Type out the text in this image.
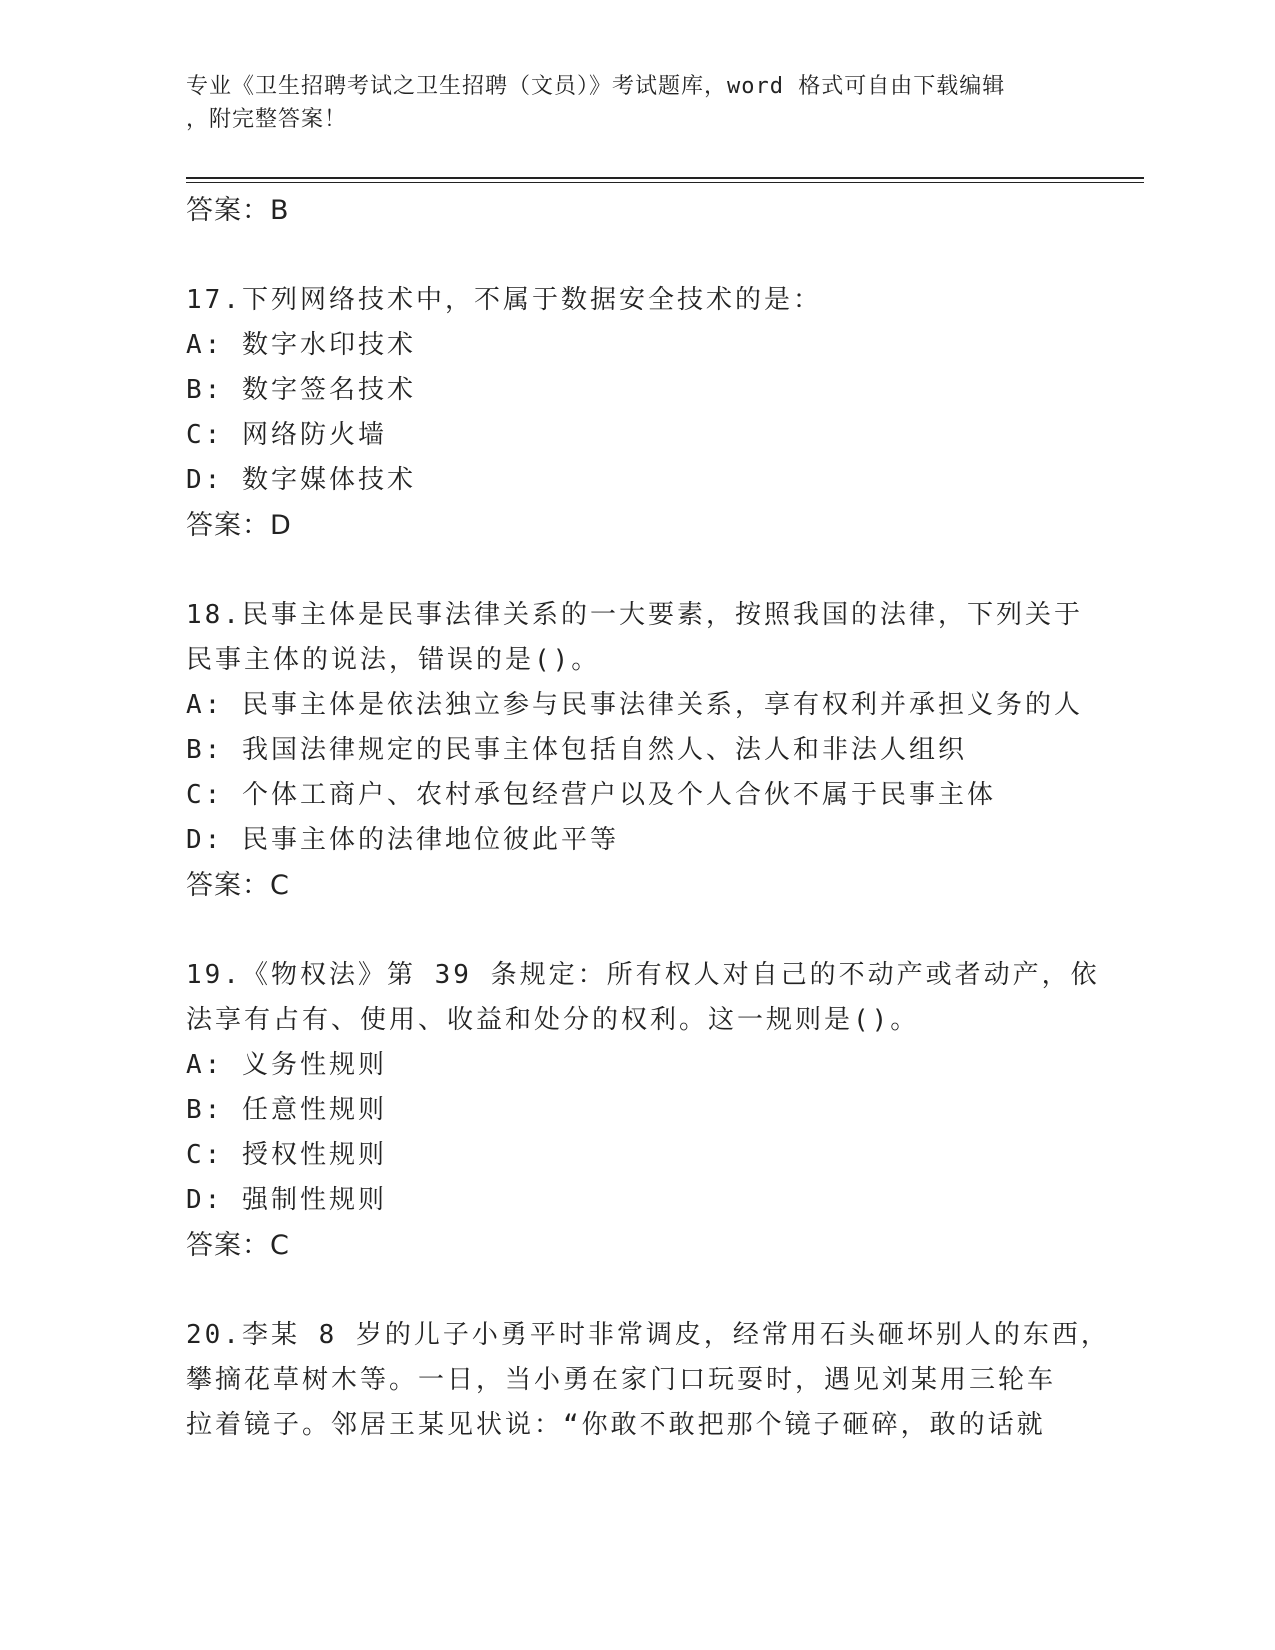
专业《卫生招聘考试之卫生招聘（文员）》考试题库，word 格式可自由下载编辑
，附完整答案！
答案：B
17.下列网络技术中，不属于数据安全技术的是：
A: 数字水印技术
B: 数字签名技术
C: 网络防火墙
D: 数字媒体技术
答案：D
18.民事主体是民事法律关系的一大要素，按照我国的法律，下列关于
民事主体的说法，错误的是()。
A: 民事主体是依法独立参与民事法律关系，享有权利并承担义务的人
B: 我国法律规定的民事主体包括自然人、法人和非法人组织
C: 个体工商户、农村承包经营户以及个人合伙不属于民事主体
D: 民事主体的法律地位彼此平等
答案：C
19.《物权法》第 39 条规定：所有权人对自己的不动产或者动产，依
法享有占有、使用、收益和处分的权利。这一规则是()。
A: 义务性规则
B: 任意性规则
C: 授权性规则
D: 强制性规则
答案：C
20.李某 8 岁的儿子小勇平时非常调皮，经常用石头砸坏别人的东西，
攀摘花草树木等。一日，当小勇在家门口玩耍时，遇见刘某用三轮车
拉着镜子。邻居王某见状说：“你敢不敢把那个镜子砸碎，敢的话就
